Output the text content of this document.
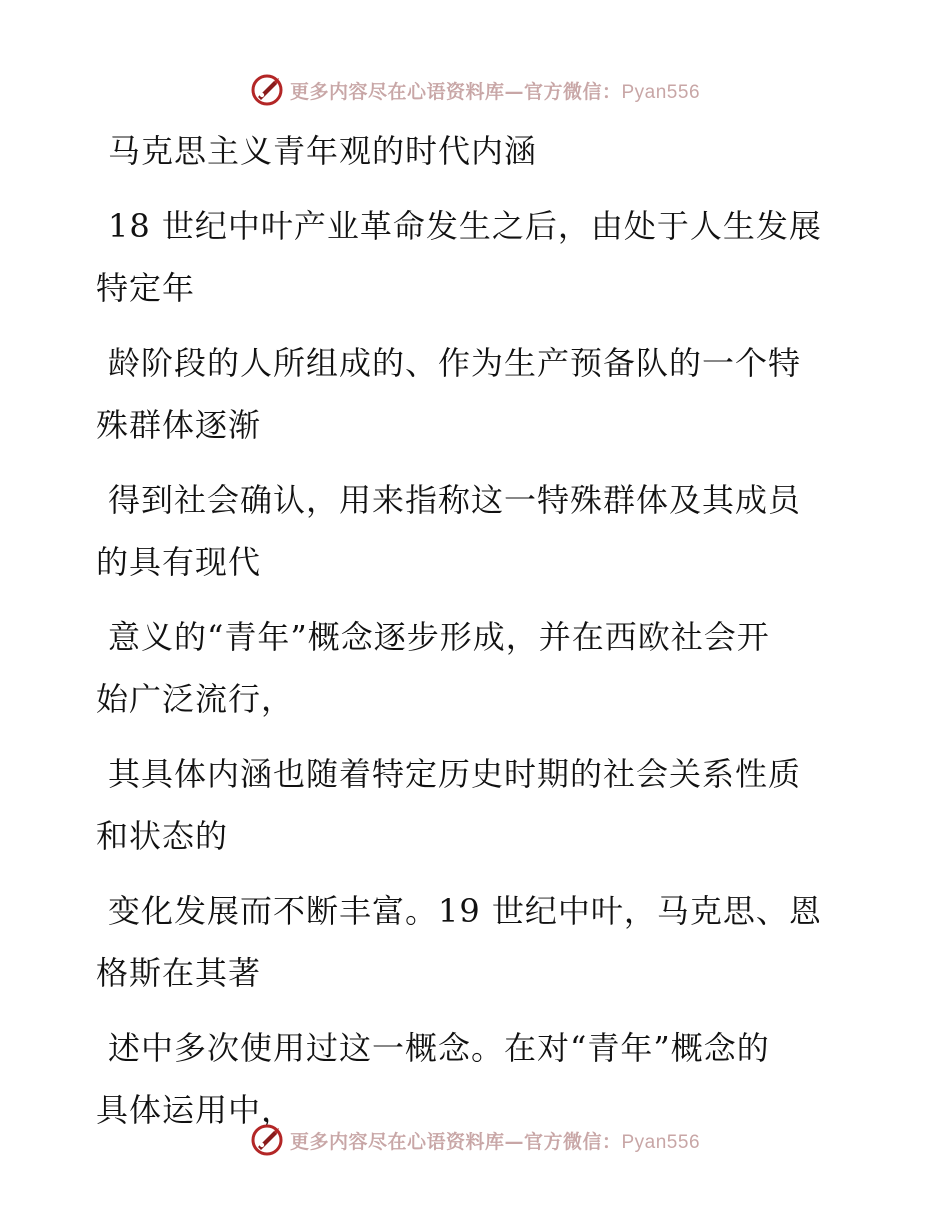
更多内容尽在心语资料库—官方微信：Pyan556

马克思主义青年观的时代内涵

18 世纪中叶产业革命发生之后，由处于人生发展

特定年

龄阶段的人所组成的、作为生产预备队的一个特

殊群体逐渐

得到社会确认，用来指称这一特殊群体及其成员

的具有现代

意义的“青年”概念逐步形成，并在西欧社会开

始广泛流行，

其具体内涵也随着特定历史时期的社会关系性质

和状态的

变化发展而不断丰富。19 世纪中叶，马克思、恩

格斯在其著

述中多次使用过这一概念。在对“青年”概念的

具体运用中，

更多内容尽在心语资料库—官方微信：Pyan556
